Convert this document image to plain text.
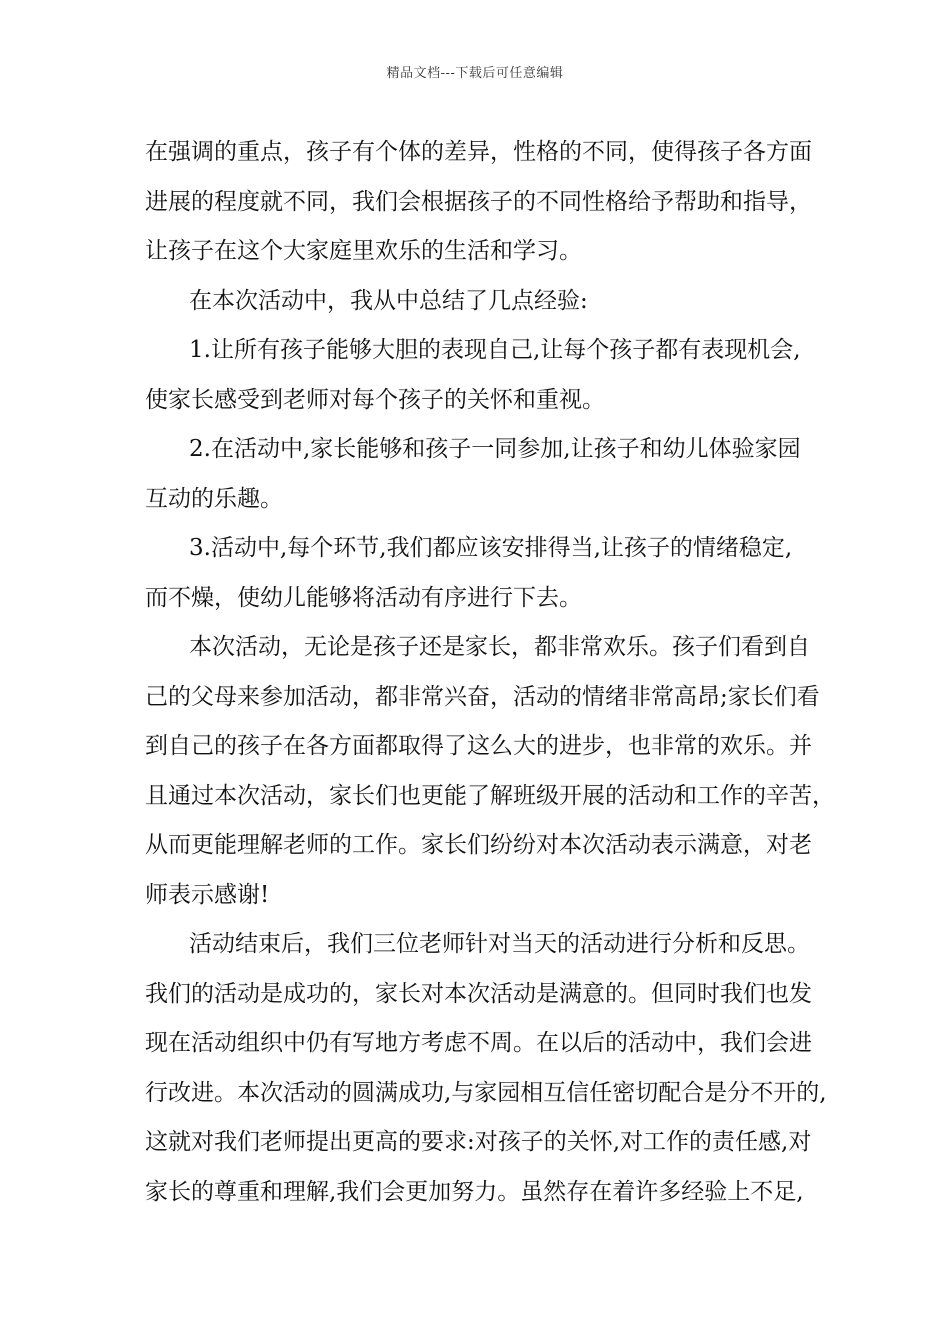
精品文档---下载后可任意编辑
在强调的重点，孩子有个体的差异，性格的不同，使得孩子各方面
进展的程度就不同，我们会根据孩子的不同性格给予帮助和指导，
让孩子在这个大家庭里欢乐的生活和学习。
在本次活动中，我从中总结了几点经验:
1.让所有孩子能够大胆的表现自己,让每个孩子都有表现机会,
使家长感受到老师对每个孩子的关怀和重视。
2.在活动中,家长能够和孩子一同参加,让孩子和幼儿体验家园
互动的乐趣。
3.活动中,每个环节,我们都应该安排得当,让孩子的情绪稳定,
而不燥，使幼儿能够将活动有序进行下去。
本次活动，无论是孩子还是家长，都非常欢乐。孩子们看到自
己的父母来参加活动，都非常兴奋，活动的情绪非常高昂;家长们看
到自己的孩子在各方面都取得了这么大的进步，也非常的欢乐。并
且通过本次活动，家长们也更能了解班级开展的活动和工作的辛苦，
从而更能理解老师的工作。家长们纷纷对本次活动表示满意，对老
师表示感谢!
活动结束后，我们三位老师针对当天的活动进行分析和反思。
我们的活动是成功的，家长对本次活动是满意的。但同时我们也发
现在活动组织中仍有写地方考虑不周。在以后的活动中，我们会进
行改进。本次活动的圆满成功,与家园相互信任密切配合是分不开的,
这就对我们老师提出更高的要求:对孩子的关怀,对工作的责任感,对
家长的尊重和理解,我们会更加努力。虽然存在着许多经验上不足,
